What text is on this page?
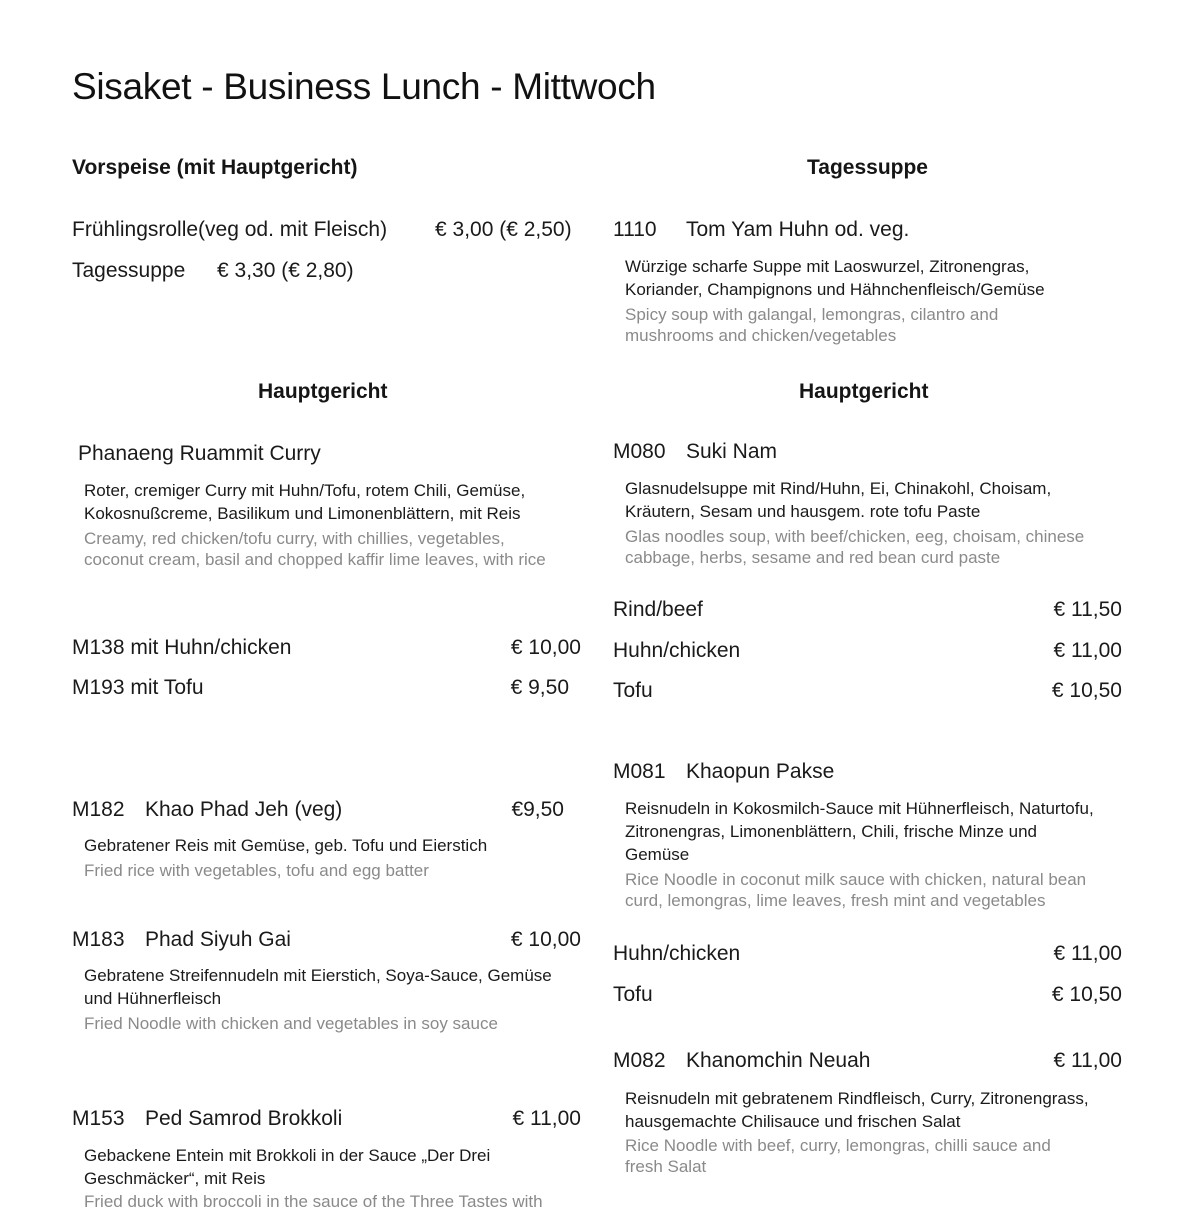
Sisaket - Business Lunch - Mittwoch
Vorspeise (mit Hauptgericht)
Frühlingsrolle(veg od. mit Fleisch) € 3,00 (€ 2,50)
Tagessuppe € 3,30 (€ 2,80)
Hauptgericht
Phanaeng Ruammit Curry
Roter, cremiger Curry mit Huhn/Tofu, rotem Chili, Gemüse, Kokosnußcreme, Basilikum und Limonenblättern, mit Reis
Creamy, red chicken/tofu curry, with chillies, vegetables, coconut cream, basil and chopped kaffir lime leaves, with rice
M138 mit Huhn/chicken	€ 10,00
M193 mit Tofu	€ 9,50
M182 Khao Phad Jeh (veg)	€9,50
Gebratener Reis mit Gemüse, geb. Tofu und Eierstich
Fried rice with vegetables, tofu and egg batter
M183 Phad Siyuh Gai	€ 10,00
Gebratene Streifennudeln mit Eierstich, Soya-Sauce, Gemüse und Hühnerfleisch
Fried Noodle with chicken and vegetables in soy sauce
M153 Ped Samrod Brokkoli	€ 11,00
Gebackene Entein mit Brokkoli in der Sauce „Der Drei Geschmäcker“, mit Reis
Fried duck with broccoli in the sauce of the Three Tastes with
Tagessuppe
1110 Tom Yam Huhn od. veg.
Würzige scharfe Suppe mit Laoswurzel, Zitronengras, Koriander, Champignons und Hähnchenfleisch/Gemüse
Spicy soup with galangal, lemongras, cilantro and mushrooms and chicken/vegetables
Hauptgericht
M080 Suki Nam
Glasnudelsuppe mit Rind/Huhn, Ei, Chinakohl, Choisam, Kräutern, Sesam und hausgem. rote tofu Paste
Glas noodles soup, with beef/chicken, eeg, choisam, chinese cabbage, herbs, sesame and red bean curd paste
Rind/beef	€ 11,50
Huhn/chicken	€ 11,00
Tofu	€ 10,50
M081 Khaopun Pakse
Reisnudeln in Kokosmilch-Sauce mit Hühnerfleisch, Naturtofu, Zitronengras, Limonenblättern, Chili, frische Minze und Gemüse
Rice Noodle in coconut milk sauce with chicken, natural bean curd, lemongras, lime leaves, fresh mint and vegetables
Huhn/chicken	€ 11,00
Tofu	€ 10,50
M082 Khanomchin Neuah	€ 11,00
Reisnudeln mit gebratenem Rindfleisch, Curry, Zitronengrass, hausgemachte Chilisauce und frischen Salat
Rice Noodle with beef, curry, lemongras, chilli sauce and fresh Salat
